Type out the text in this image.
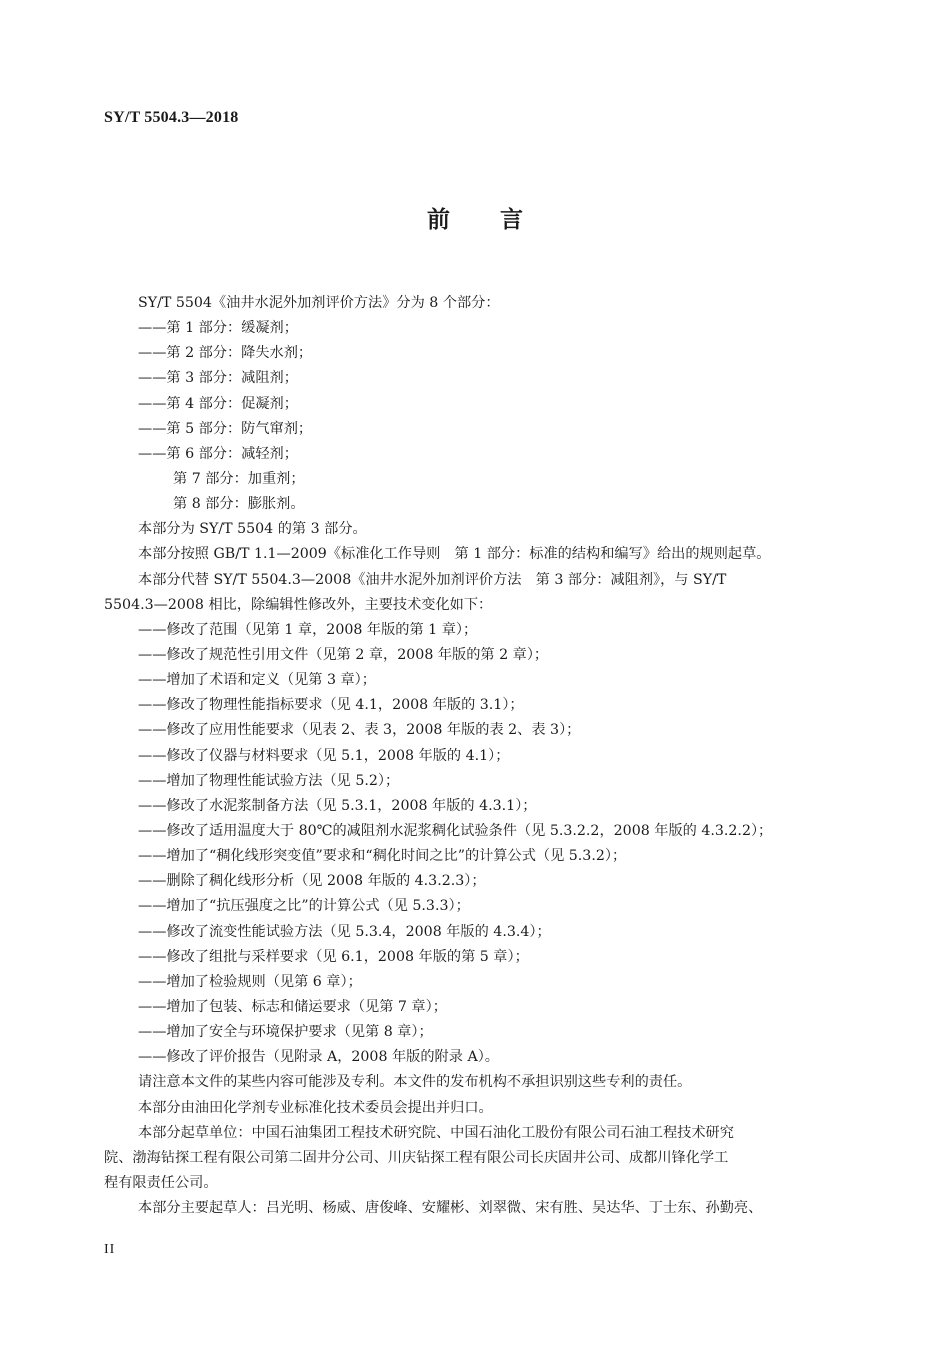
SY/T 5504.3—2018
前言
SY/T 5504《油井水泥外加剂评价方法》分为 8 个部分：
——第 1 部分：缓凝剂；
——第 2 部分：降失水剂；
——第 3 部分：减阻剂；
——第 4 部分：促凝剂；
——第 5 部分：防气窜剂；
——第 6 部分：减轻剂；
第 7 部分：加重剂；
第 8 部分：膨胀剂。
本部分为 SY/T 5504 的第 3 部分。
本部分按照 GB/T 1.1—2009《标准化工作导则　第 1 部分：标准的结构和编写》给出的规则起草。
本部分代替 SY/T 5504.3—2008《油井水泥外加剂评价方法　第 3 部分：减阻剂》，与 SY/T
5504.3—2008 相比，除编辑性修改外，主要技术变化如下：
——修改了范围（见第 1 章，2008 年版的第 1 章）；
——修改了规范性引用文件（见第 2 章，2008 年版的第 2 章）；
——增加了术语和定义（见第 3 章）；
——修改了物理性能指标要求（见 4.1，2008 年版的 3.1）；
——修改了应用性能要求（见表 2、表 3，2008 年版的表 2、表 3）；
——修改了仪器与材料要求（见 5.1，2008 年版的 4.1）；
——增加了物理性能试验方法（见 5.2）；
——修改了水泥浆制备方法（见 5.3.1，2008 年版的 4.3.1）；
——修改了适用温度大于 80℃的减阻剂水泥浆稠化试验条件（见 5.3.2.2，2008 年版的 4.3.2.2）；
——增加了“稠化线形突变值”要求和“稠化时间之比”的计算公式（见 5.3.2）；
——删除了稠化线形分析（见 2008 年版的 4.3.2.3）；
——增加了“抗压强度之比”的计算公式（见 5.3.3）；
——修改了流变性能试验方法（见 5.3.4，2008 年版的 4.3.4）；
——修改了组批与采样要求（见 6.1，2008 年版的第 5 章）；
——增加了检验规则（见第 6 章）；
——增加了包装、标志和储运要求（见第 7 章）；
——增加了安全与环境保护要求（见第 8 章）；
——修改了评价报告（见附录 A，2008 年版的附录 A）。
请注意本文件的某些内容可能涉及专利。本文件的发布机构不承担识别这些专利的责任。
本部分由油田化学剂专业标准化技术委员会提出并归口。
本部分起草单位：中国石油集团工程技术研究院、中国石油化工股份有限公司石油工程技术研究
院、渤海钻探工程有限公司第二固井分公司、川庆钻探工程有限公司长庆固井公司、成都川锋化学工
程有限责任公司。
本部分主要起草人：吕光明、杨威、唐俊峰、安耀彬、刘翠微、宋有胜、吴达华、丁士东、孙勤亮、
II
